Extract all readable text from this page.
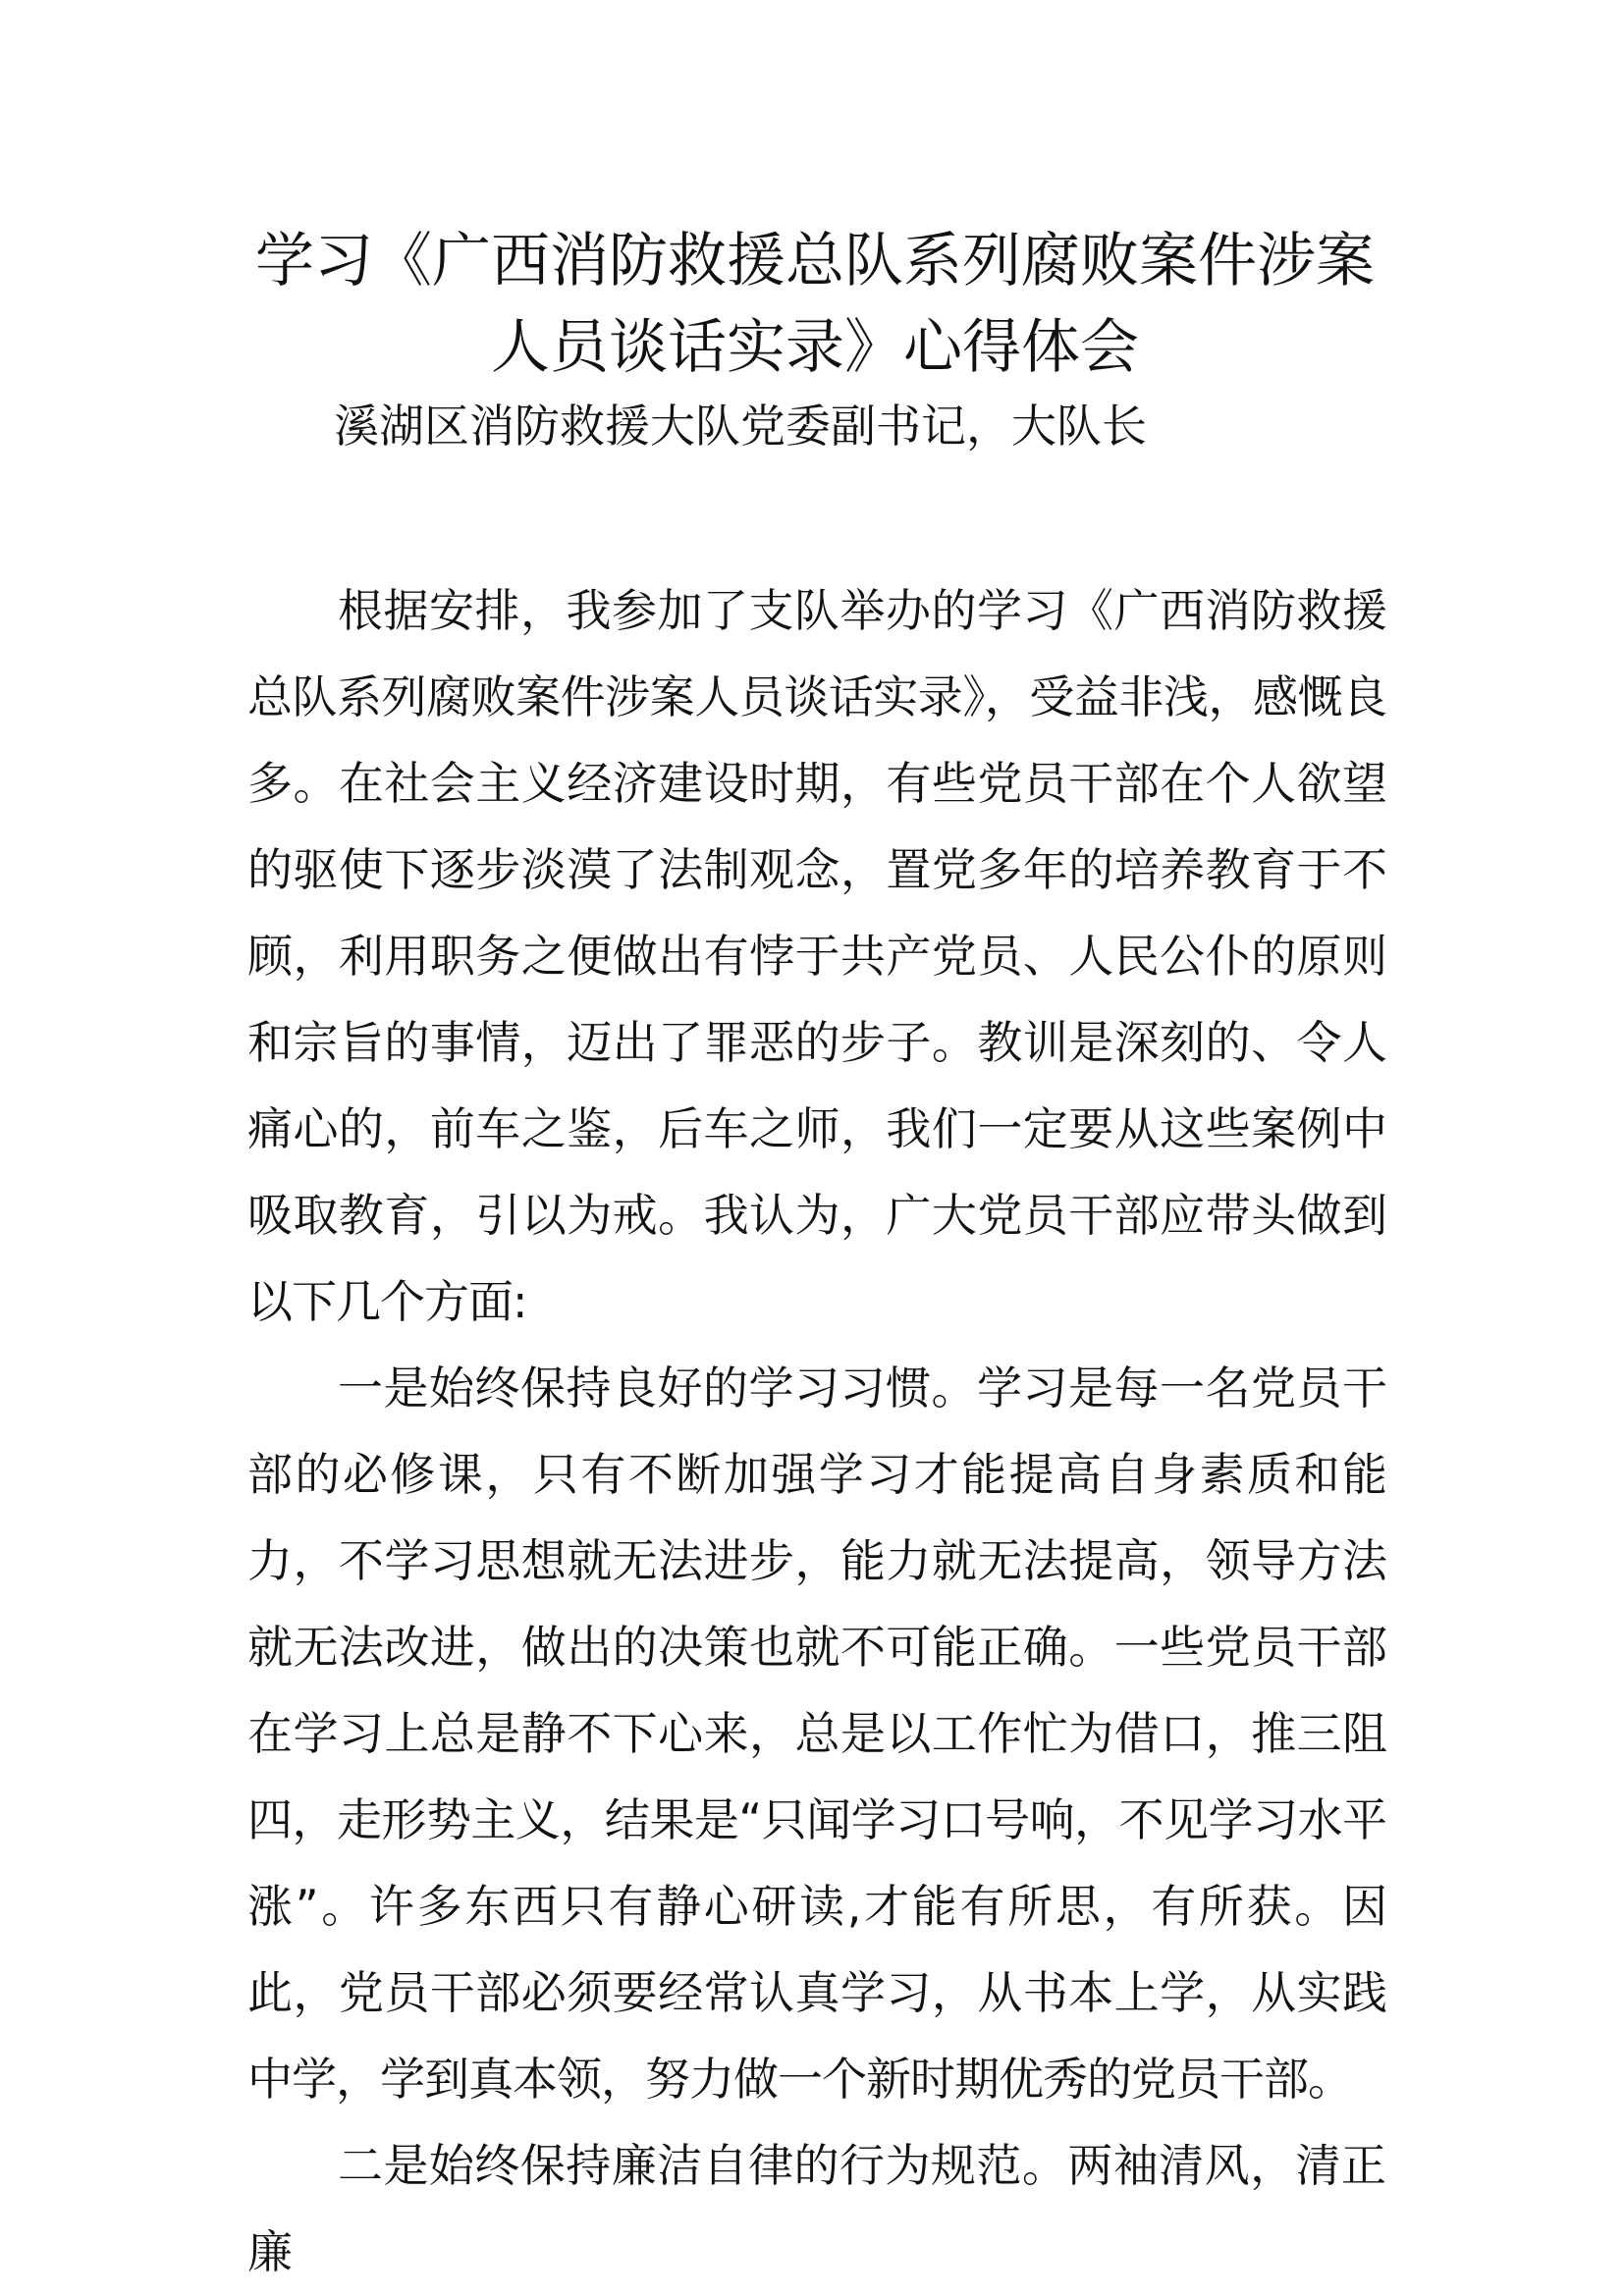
学习《广西消防救援总队系列腐败案件涉案
人员谈话实录》心得体会

溪湖区消防救援大队党委副书记，大队长

根据安排，我参加了支队举办的学习《广西消防救援总队系列腐败案件涉案人员谈话实录》，受益非浅，感慨良多。在社会主义经济建设时期，有些党员干部在个人欲望的驱使下逐步淡漠了法制观念，置党多年的培养教育于不顾，利用职务之便做出有悖于共产党员、人民公仆的原则和宗旨的事情，迈出了罪恶的步子。教训是深刻的、令人痛心的，前车之鉴，后车之师，我们一定要从这些案例中吸取教育，引以为戒。我认为，广大党员干部应带头做到以下几个方面:

一是始终保持良好的学习习惯。学习是每一名党员干部的必修课，只有不断加强学习才能提高自身素质和能力，不学习思想就无法进步，能力就无法提高，领导方法就无法改进，做出的决策也就不可能正确。一些党员干部在学习上总是静不下心来，总是以工作忙为借口，推三阻四，走形势主义，结果是“只闻学习口号响，不见学习水平涨”。许多东西只有静心研读,才能有所思，有所获。因此，党员干部必须要经常认真学习，从书本上学，从实践中学，学到真本领，努力做一个新时期优秀的党员干部。

二是始终保持廉洁自律的行为规范。两袖清风，清正廉
